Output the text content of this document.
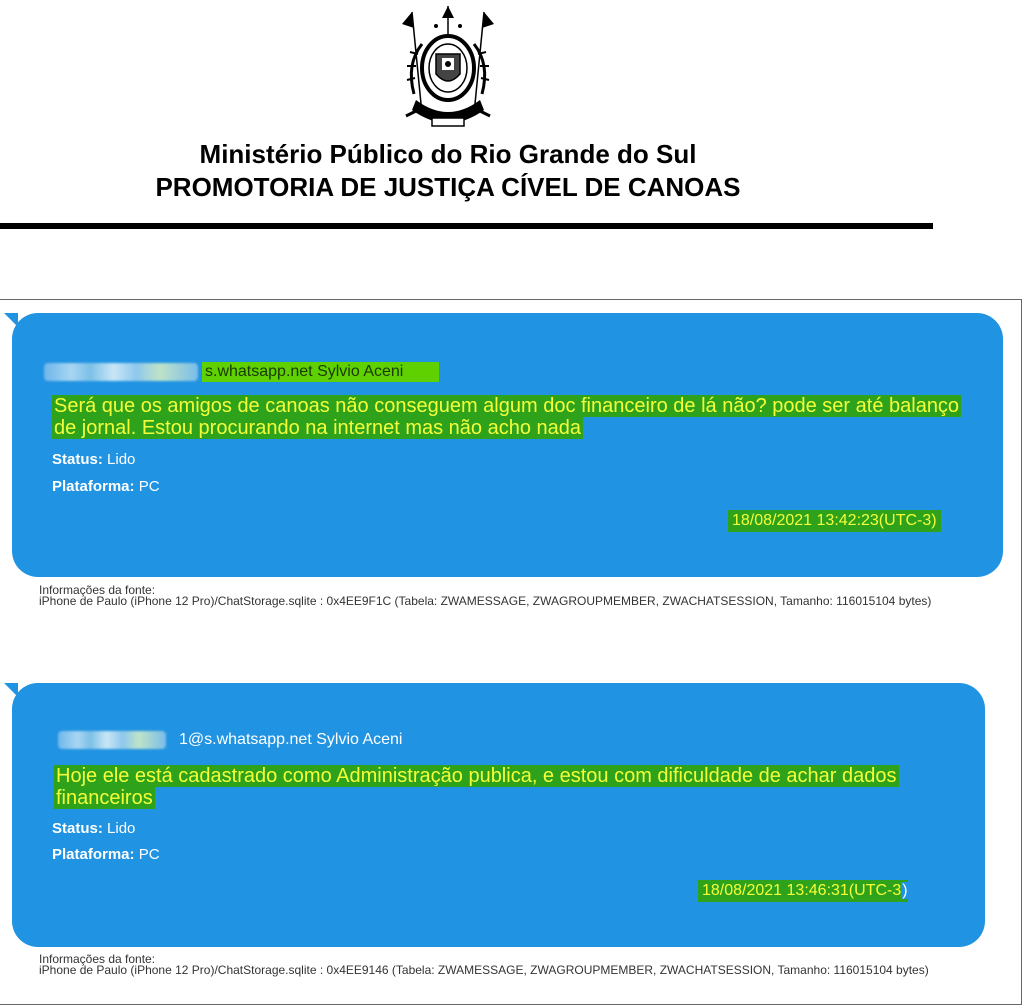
Ministério Público do Rio Grande do Sul
PROMOTORIA DE JUSTIÇA CÍVEL DE CANOAS
s.whatsapp.net Sylvio Aceni
Será que os amigos de canoas não conseguem algum doc financeiro de lá não? pode ser até balanço de jornal. Estou procurando na internet mas não acho nada
Status: Lido
Plataforma: PC
18/08/2021 13:42:23(UTC-3)
Informações da fonte:
iPhone de Paulo (iPhone 12 Pro)/ChatStorage.sqlite : 0x4EE9F1C (Tabela: ZWAMESSAGE, ZWAGROUPMEMBER, ZWACHATSESSION, Tamanho: 116015104 bytes)
1@s.whatsapp.net Sylvio Aceni
Hoje ele está cadastrado como Administração publica, e estou com dificuldade de achar dados financeiros
Status: Lido
Plataforma: PC
18/08/2021 13:46:31(UTC-3)
Informações da fonte:
iPhone de Paulo (iPhone 12 Pro)/ChatStorage.sqlite : 0x4EE9146 (Tabela: ZWAMESSAGE, ZWAGROUPMEMBER, ZWACHATSESSION, Tamanho: 116015104 bytes)
